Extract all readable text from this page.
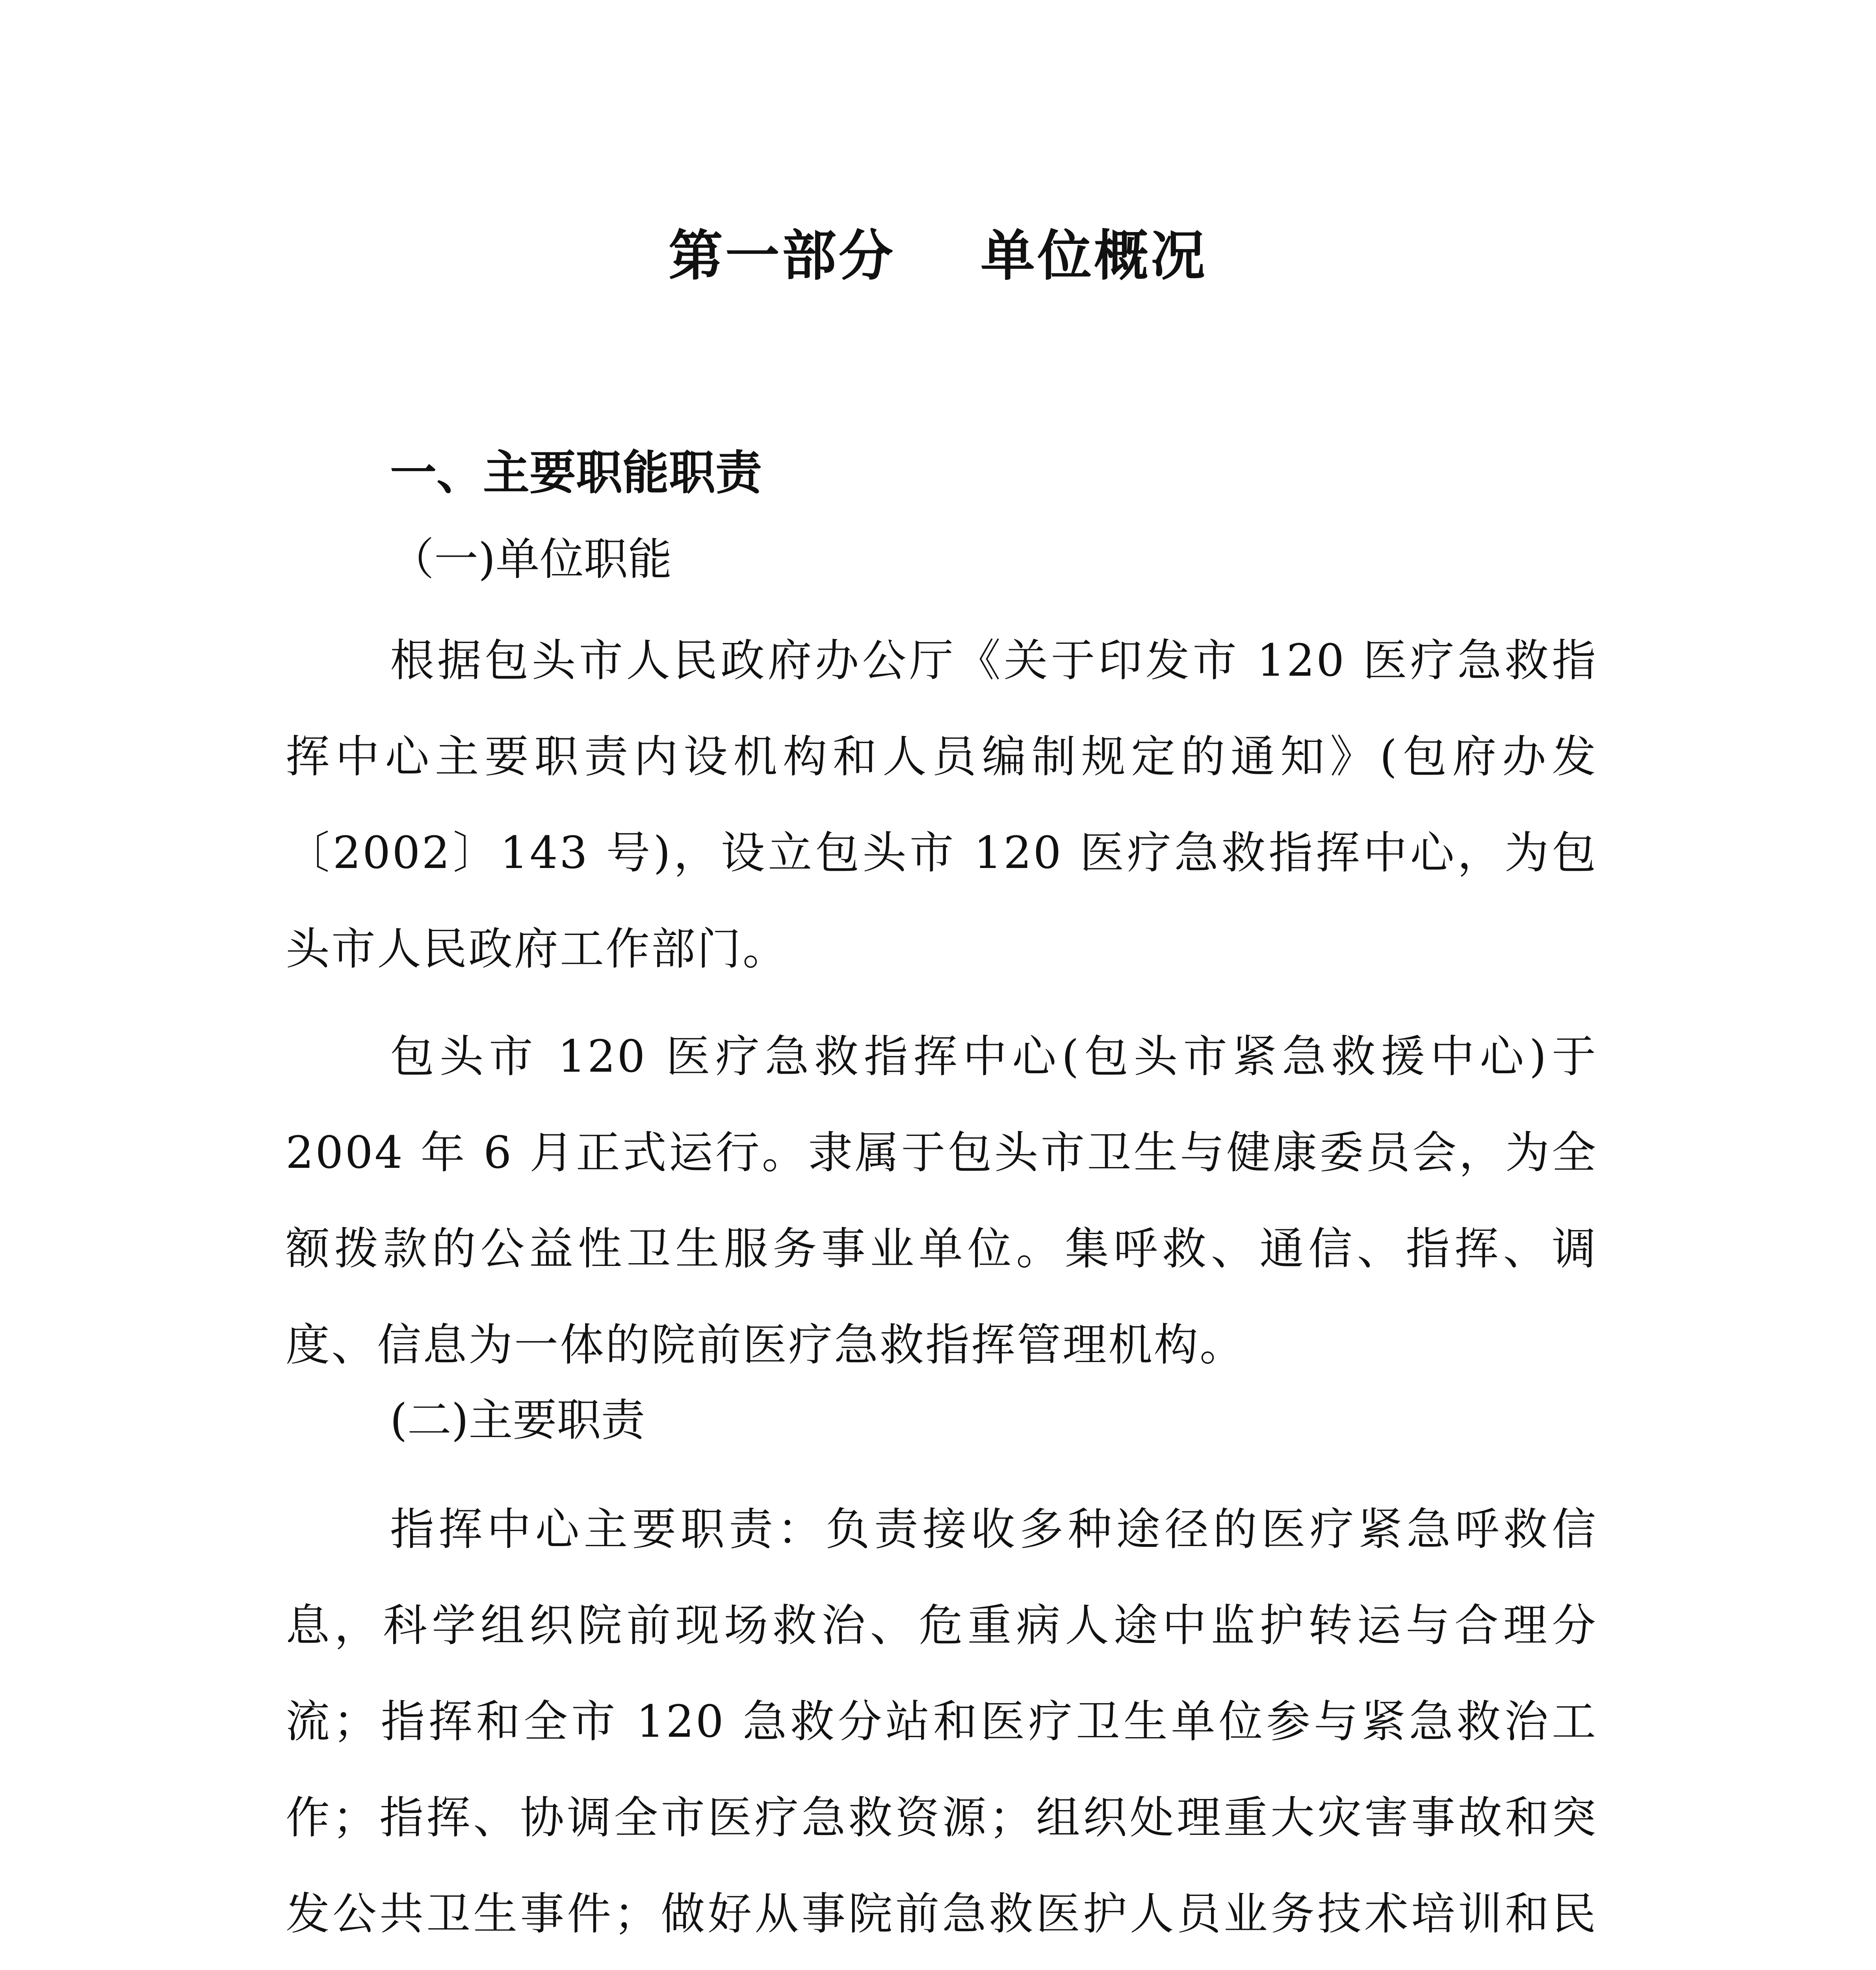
第一部分    单位概况
一、主要职能职责
（一)单位职能

根据包头市人民政府办公厅《关于印发市 120 医疗急救指挥中心主要职责内设机构和人员编制规定的通知》(包府办发〔2002〕143 号)，设立包头市 120 医疗急救指挥中心，为包头市人民政府工作部门。

包头市 120 医疗急救指挥中心(包头市紧急救援中心)于 2004 年 6 月正式运行。隶属于包头市卫生与健康委员会，为全额拨款的公益性卫生服务事业单位。集呼救、通信、指挥、调度、信息为一体的院前医疗急救指挥管理机构。

(二)主要职责

指挥中心主要职责：负责接收多种途径的医疗紧急呼救信息，科学组织院前现场救治、危重病人途中监护转运与合理分流；指挥和全市 120 急救分站和医疗卫生单位参与紧急救治工作；指挥、协调全市医疗急救资源；组织处理重大灾害事故和突发公共卫生事件；做好从事院前急救医护人员业务技术培训和民
